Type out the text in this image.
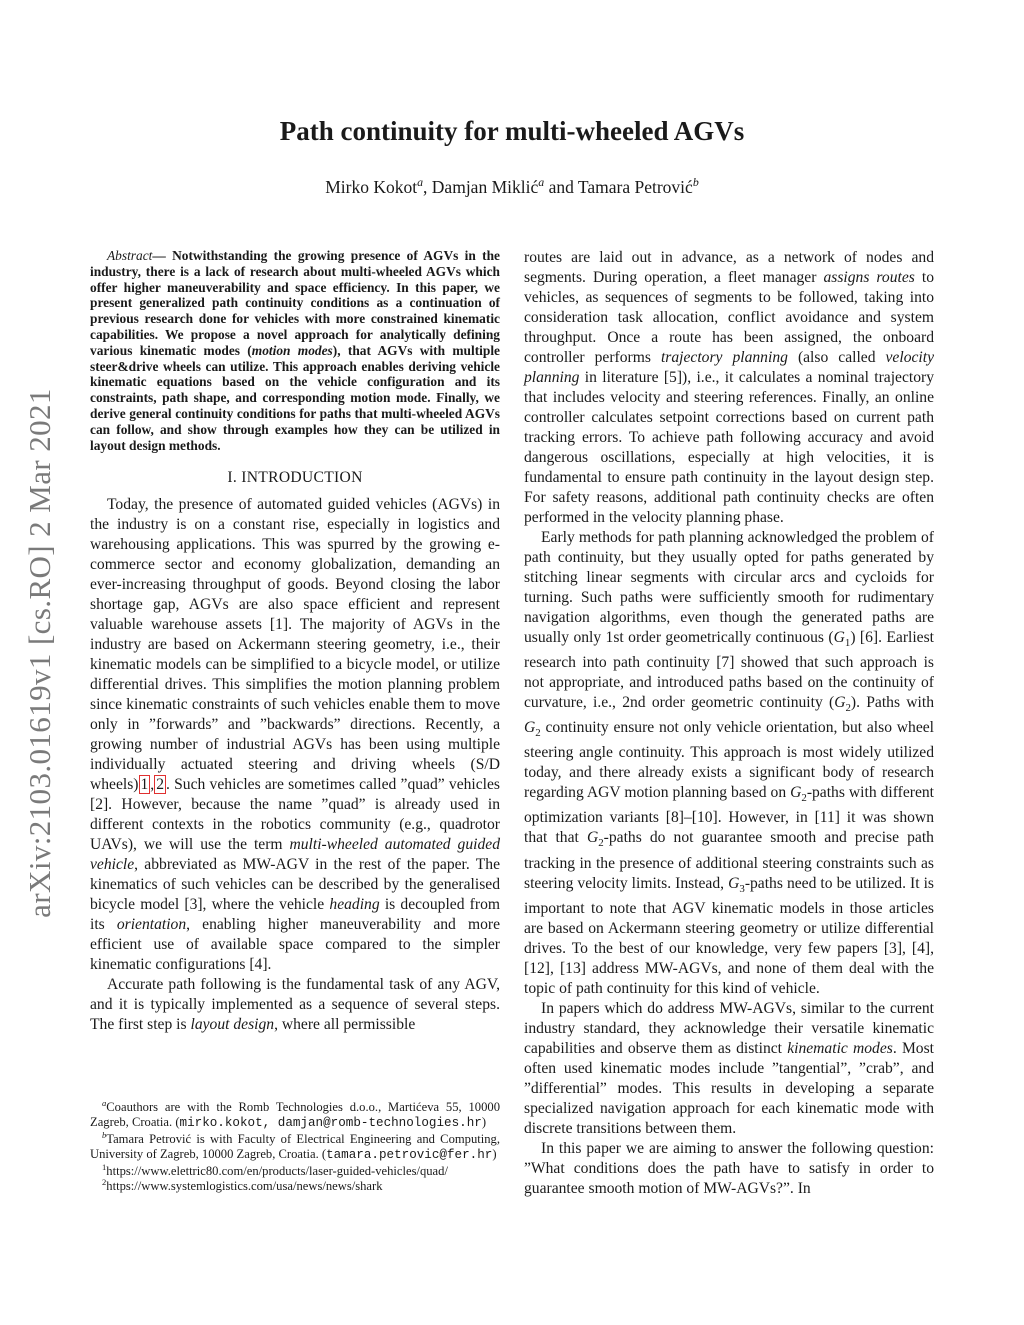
arXiv:2103.01619v1 [cs.RO] 2 Mar 2021
Path continuity for multi-wheeled AGVs
Mirko Kokot$^a$, Damjan Miklić$^a$ and Tamara Petrović$^b$

Abstract— Notwithstanding the growing presence of AGVs in the industry, there is a lack of research about multi-wheeled AGVs which offer higher maneuverability and space efficiency. In this paper, we present generalized path continuity conditions as a continuation of previous research done for vehicles with more constrained kinematic capabilities. We propose a novel approach for analytically defining various kinematic modes (motion modes), that AGVs with multiple steer&drive wheels can utilize. This approach enables deriving vehicle kinematic equations based on the vehicle configuration and its constraints, path shape, and corresponding motion mode. Finally, we derive general continuity conditions for paths that multi-wheeled AGVs can follow, and show through examples how they can be utilized in layout design methods.

I. INTRODUCTION

Today, the presence of automated guided vehicles (AGVs) in the industry is on a constant rise, especially in logistics and warehousing applications. This was spurred by the growing e-commerce sector and economy globalization, demanding an ever-increasing throughput of goods. Beyond closing the labor shortage gap, AGVs are also space efficient and represent valuable warehouse assets [1]. The majority of AGVs in the industry are based on Ackermann steering geometry, i.e., their kinematic models can be simplified to a bicycle model, or utilize differential drives. This simplifies the motion planning problem since kinematic constraints of such vehicles enable them to move only in ”forwards” and ”backwards” directions. Recently, a growing number of industrial AGVs has been using multiple individually actuated steering and driving wheels (S/D wheels) 1 , 2 . Such vehicles are sometimes called ”quad” vehicles [2]. However, because the name ”quad” is already used in different contexts in the robotics community (e.g., quadrotor UAVs), we will use the term multi-wheeled automated guided vehicle, abbreviated as MW-AGV in the rest of the paper. The kinematics of such vehicles can be described by the generalised bicycle model [3], where the vehicle heading is decoupled from its orientation, enabling higher maneuverability and more efficient use of available space compared to the simpler kinematic configurations [4].

Accurate path following is the fundamental task of any AGV, and it is typically implemented as a sequence of several steps. The first step is layout design, where all permissible

$^a$Coauthors are with the Romb Technologies d.o.o., Martićeva 55, 10000 Zagreb, Croatia. (mirko.kokot, damjan@romb-technologies.hr)

$^b$Tamara Petrović is with Faculty of Electrical Engineering and Computing, University of Zagreb, 10000 Zagreb, Croatia. (tamara.petrovic@fer.hr)

$^1$https://www.elettric80.com/en/products/laser-guided-vehicles/quad/

$^2$https://www.systemlogistics.com/usa/news/news/shark

routes are laid out in advance, as a network of nodes and segments. During operation, a fleet manager assigns routes to vehicles, as sequences of segments to be followed, taking into consideration task allocation, conflict avoidance and system throughput. Once a route has been assigned, the onboard controller performs trajectory planning (also called velocity planning in literature [5]), i.e., it calculates a nominal trajectory that includes velocity and steering references. Finally, an online controller calculates setpoint corrections based on current path tracking errors. To achieve path following accuracy and avoid dangerous oscillations, especially at high velocities, it is fundamental to ensure path continuity in the layout design step. For safety reasons, additional path continuity checks are often performed in the velocity planning phase.

Early methods for path planning acknowledged the problem of path continuity, but they usually opted for paths generated by stitching linear segments with circular arcs and cycloids for turning. Such paths were sufficiently smooth for rudimentary navigation algorithms, even though the generated paths are usually only 1st order geometrically continuous $(G_1)$ [6]. Earliest research into path continuity [7] showed that such approach is not appropriate, and introduced paths based on the continuity of curvature, i.e., 2nd order geometric continuity $(G_2)$. Paths with $G_2$ continuity ensure not only vehicle orientation, but also wheel steering angle continuity. This approach is most widely utilized today, and there already exists a significant body of research regarding AGV motion planning based on $G_2$-paths with different optimization variants [8]–[10]. However, in [11] it was shown that that $G_2$-paths do not guarantee smooth and precise path tracking in the presence of additional steering constraints such as steering velocity limits. Instead, $G_3$-paths need to be utilized. It is important to note that AGV kinematic models in those articles are based on Ackermann steering geometry or utilize differential drives. To the best of our knowledge, very few papers [3], [4], [12], [13] address MW-AGVs, and none of them deal with the topic of path continuity for this kind of vehicle.

In papers which do address MW-AGVs, similar to the current industry standard, they acknowledge their versatile kinematic capabilities and observe them as distinct kinematic modes. Most often used kinematic modes include ”tangential”, ”crab”, and ”differential” modes. This results in developing a separate specialized navigation approach for each kinematic mode with discrete transitions between them.

In this paper we are aiming to answer the following question: ”What conditions does the path have to satisfy in order to guarantee smooth motion of MW-AGVs?”. In
